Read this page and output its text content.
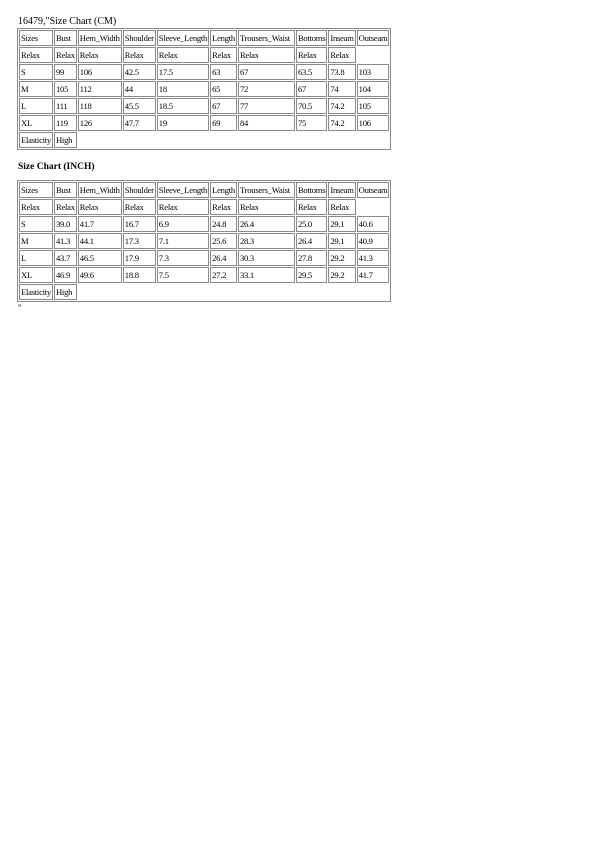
16479,"Size Chart (CM)
Sizes	Bust	Hem_Width	Shoulder	Sleeve_Length	Length	Trousers_Waist	Bottoms	Inseam	Outseam
Relax	Relax	Relax	Relax	Relax	Relax	Relax	Relax	Relax	
S	99	106	42.5	17.5	63	67	63.5	73.8	103
M	105	112	44	18	65	72	67	74	104
L	111	118	45.5	18.5	67	77	70.5	74.2	105
XL	119	126	47.7	19	69	84	75	74.2	106
Elasticity	High								
Size Chart (INCH)
Sizes	Bust	Hem_Width	Shoulder	Sleeve_Length	Length	Trousers_Waist	Bottoms	Inseam	Outseam
Relax	Relax	Relax	Relax	Relax	Relax	Relax	Relax	Relax	
S	39.0	41.7	16.7	6.9	24.8	26.4	25.0	29.1	40.6
M	41.3	44.1	17.3	7.1	25.6	28.3	26.4	29.1	40.9
L	43.7	46.5	17.9	7.3	26.4	30.3	27.8	29.2	41.3
XL	46.9	49.6	18.8	7.5	27.2	33.1	29.5	29.2	41.7
Elasticity	High								
"
